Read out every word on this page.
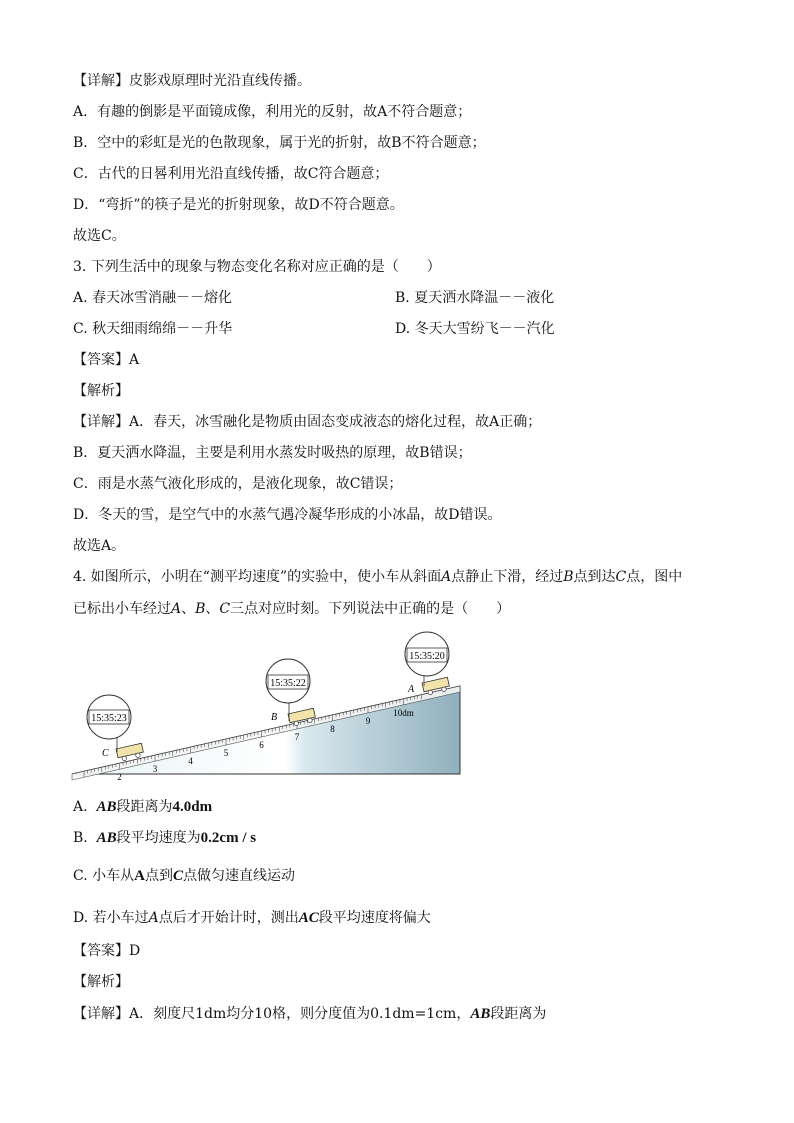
【详解】皮影戏原理时光沿直线传播。
A．有趣的倒影是平面镜成像，利用光的反射，故A不符合题意；
B．空中的彩虹是光的色散现象，属于光的折射，故B不符合题意；
C．古代的日晷利用光沿直线传播，故C符合题意；
D．“弯折”的筷子是光的折射现象，故D不符合题意。
故选C。
3. 下列生活中的现象与物态变化名称对应正确的是（　　）
A. 春天冰雪消融－－熔化	B. 夏天洒水降温－－液化
C. 秋天细雨绵绵－－升华	D. 冬天大雪纷飞－－汽化
【答案】A
【解析】
【详解】A．春天，冰雪融化是物质由固态变成液态的熔化过程，故A正确；
B．夏天洒水降温，主要是利用水蒸发时吸热的原理，故B错误；
C．雨是水蒸气液化形成的，是液化现象，故C错误；
D．冬天的雪，是空气中的水蒸气遇冷凝华形成的小冰晶，故D错误。
故选A。
4. 如图所示，小明在“测平均速度”的实验中，使小车从斜面A点静止下滑，经过B点到达C点，图中
已标出小车经过A、B、C三点对应时刻。下列说法中正确的是（　　）
2
3
4
5
6
7
8
9
10dm
15:35:23
C
15:35:22
B
15:35:20
A
A. AB段距离为4.0dm
B. AB段平均速度为0.2cm / s
C. 小车从A点到C点做匀速直线运动
D. 若小车过A点后才开始计时，测出AC段平均速度将偏大
【答案】D
【解析】
【详解】A．刻度尺1dm均分10格，则分度值为0.1dm=1cm，AB段距离为
